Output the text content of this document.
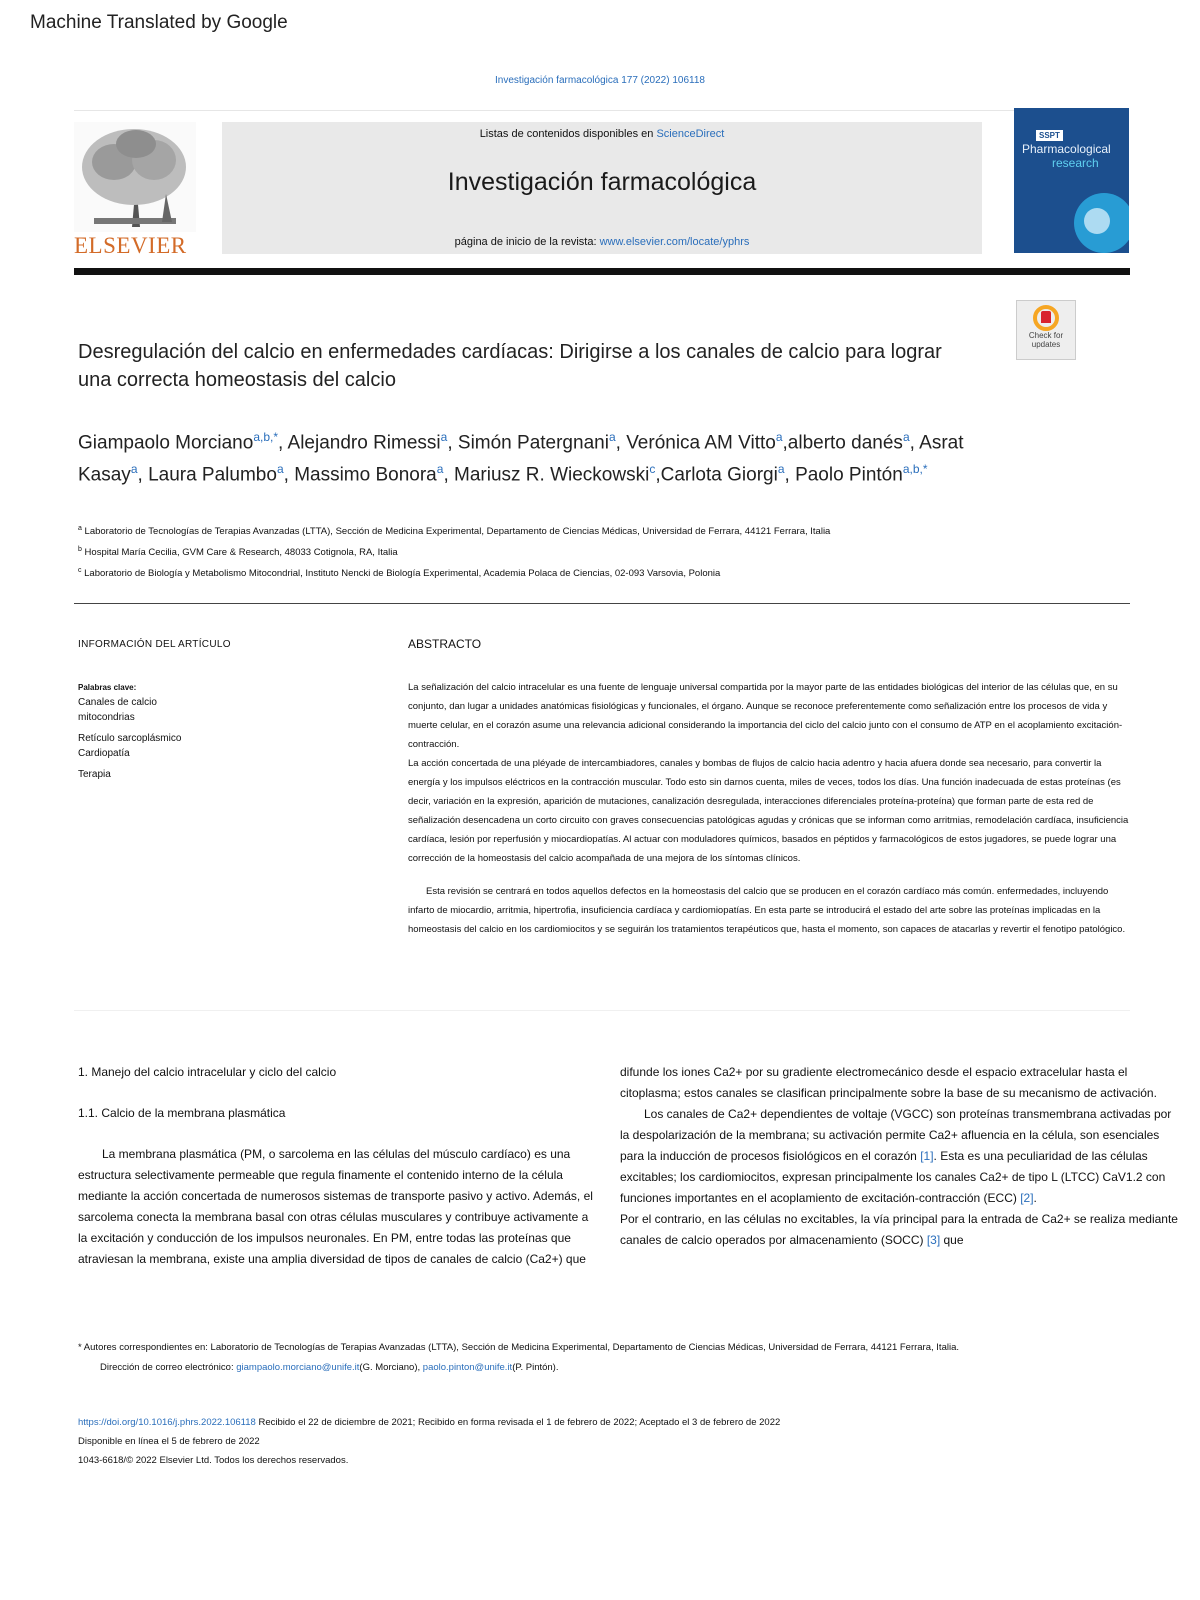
Machine Translated by Google
Investigación farmacológica 177 (2022) 106118
ELSEVIER
Listas de contenidos disponibles en ScienceDirect
Investigación farmacológica
página de inicio de la revista: www.elsevier.com/locate/yphrs
SSPT
Pharmacological
research
Check for
updates
Desregulación del calcio en enfermedades cardíacas: Dirigirse a los canales de calcio para lograr una correcta homeostasis del calcio
Giampaolo Morciano$^{a,b,*}$, Alejandro Rimessi$^a$, Simón Patergnani$^a$, Verónica AM Vitto$^a$,alberto danés$^a$, Asrat Kasay$^a$, Laura Palumbo$^a$, Massimo Bonora$^a$, Mariusz R. Wieckowski$^c$,Carlota Giorgi$^a$, Paolo Pintón$^{a,b,*}$
$^a$ Laboratorio de Tecnologías de Terapias Avanzadas (LTTA), Sección de Medicina Experimental, Departamento de Ciencias Médicas, Universidad de Ferrara, 44121 Ferrara, Italia
$^b$ Hospital María Cecilia, GVM Care & Research, 48033 Cotignola, RA, Italia
$^c$ Laboratorio de Biología y Metabolismo Mitocondrial, Instituto Nencki de Biología Experimental, Academia Polaca de Ciencias, 02-093 Varsovia, Polonia
INFORMACIÓN DEL ARTÍCULO	ABSTRACTO
Palabras clave:
Canales de calcio
mitocondrias
Retículo sarcoplásmico
Cardiopatía
Terapia

La señalización del calcio intracelular es una fuente de lenguaje universal compartida por la mayor parte de las entidades biológicas del interior de las células que, en su conjunto, dan lugar a unidades anatómicas fisiológicas y funcionales, el órgano. Aunque se reconoce preferentemente como señalización entre los procesos de vida y muerte celular, en el corazón asume una relevancia adicional considerando la importancia del ciclo del calcio junto con el consumo de ATP en el acoplamiento excitación-contracción.

La acción concertada de una pléyade de intercambiadores, canales y bombas de flujos de calcio hacia adentro y hacia afuera donde sea necesario, para convertir la energía y los impulsos eléctricos en la contracción muscular. Todo esto sin darnos cuenta, miles de veces, todos los días. Una función inadecuada de estas proteínas (es decir, variación en la expresión, aparición de mutaciones, canalización desregulada, interacciones diferenciales proteína-proteína) que forman parte de esta red de señalización desencadena un corto circuito con graves consecuencias patológicas agudas y crónicas que se informan como arritmias, remodelación cardíaca, insuficiencia cardíaca, lesión por reperfusión y miocardiopatías. Al actuar con moduladores químicos, basados en péptidos y farmacológicos de estos jugadores, se puede lograr una corrección de la homeostasis del calcio acompañada de una mejora de los síntomas clínicos.

Esta revisión se centrará en todos aquellos defectos en la homeostasis del calcio que se producen en el corazón cardíaco más común. enfermedades, incluyendo infarto de miocardio, arritmia, hipertrofia, insuficiencia cardíaca y cardiomiopatías. En esta parte se introducirá el estado del arte sobre las proteínas implicadas en la homeostasis del calcio en los cardiomiocitos y se seguirán los tratamientos terapéuticos que, hasta el momento, son capaces de atacarlas y revertir el fenotipo patológico.

1. Manejo del calcio intracelular y ciclo del calcio
1.1. Calcio de la membrana plasmática

La membrana plasmática (PM, o sarcolema en las células del músculo cardíaco) es una estructura selectivamente permeable que regula finamente el contenido interno de la célula mediante la acción concertada de numerosos sistemas de transporte pasivo y activo. Además, el sarcolema conecta la membrana basal con otras células musculares y contribuye activamente a la excitación y conducción de los impulsos neuronales. En PM, entre todas las proteínas que atraviesan la membrana, existe una amplia diversidad de tipos de canales de calcio (Ca2+) que

difunde los iones Ca2+ por su gradiente electromecánico desde el espacio extracelular hasta el citoplasma; estos canales se clasifican principalmente sobre la base de su mecanismo de activación.

Los canales de Ca2+ dependientes de voltaje (VGCC) son proteínas transmembrana activadas por la despolarización de la membrana; su activación permite Ca2+ afluencia en la célula, son esenciales para la inducción de procesos fisiológicos en el corazón [1]. Esta es una peculiaridad de las células excitables; los cardiomiocitos, expresan principalmente los canales Ca2+ de tipo L (LTCC) CaV1.2 con funciones importantes en el acoplamiento de excitación-contracción (ECC) [2].

Por el contrario, en las células no excitables, la vía principal para la entrada de Ca2+ se realiza mediante canales de calcio operados por almacenamiento (SOCC) [3] que

* Autores correspondientes en: Laboratorio de Tecnologías de Terapias Avanzadas (LTTA), Sección de Medicina Experimental, Departamento de Ciencias Médicas, Universidad de Ferrara, 44121 Ferrara, Italia.
Dirección de correo electrónico: giampaolo.morciano@unife.it(G. Morciano), paolo.pinton@unife.it(P. Pintón).
https://doi.org/10.1016/j.phrs.2022.106118 Recibido el 22 de diciembre de 2021; Recibido en forma revisada el 1 de febrero de 2022; Aceptado el 3 de febrero de 2022 Disponible en línea el 5 de febrero de 2022
1043-6618/© 2022 Elsevier Ltd. Todos los derechos reservados.
